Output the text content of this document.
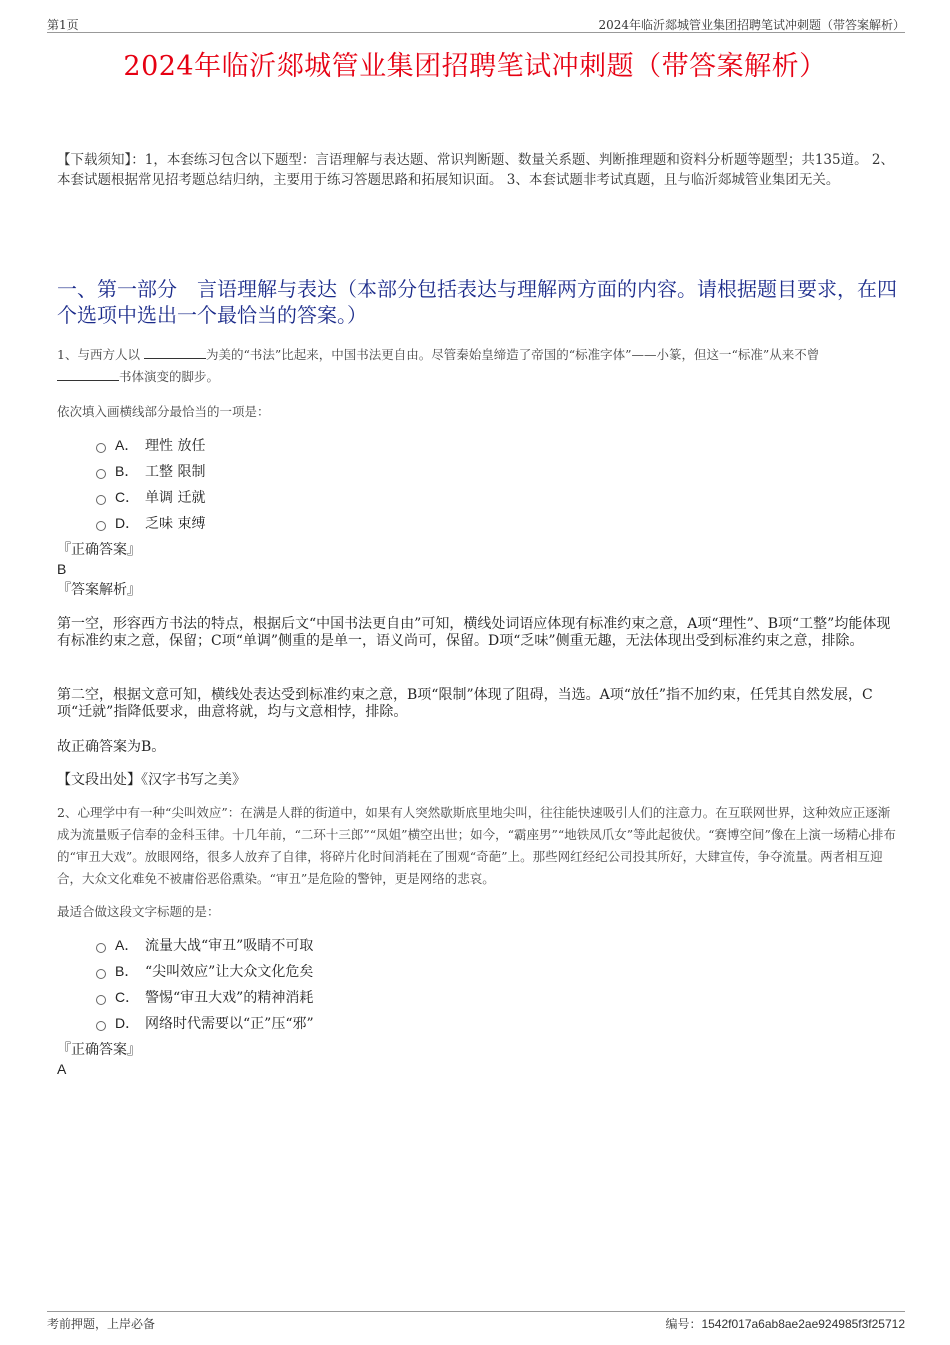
第1页	2024年临沂郯城管业集团招聘笔试冲刺题（带答案解析）
2024年临沂郯城管业集团招聘笔试冲刺题（带答案解析）
【下载须知】：1，本套练习包含以下题型：言语理解与表达题、常识判断题、数量关系题、判断推理题和资料分析题等题型；共135道。 2、本套试题根据常见招考题总结归纳，主要用于练习答题思路和拓展知识面。 3、本套试题非考试真题，且与临沂郯城管业集团无关。
一、第一部分　言语理解与表达（本部分包括表达与理解两方面的内容。请根据题目要求，在四个选项中选出一个最恰当的答案。）
1、与西方人以	为美的“书法”比起来，中国书法更自由。尽管秦始皇缔造了帝国的“标准字体”——小篆，但这一“标准”从来不曾
书体演变的脚步。
依次填入画横线部分最恰当的一项是：
A． 理性 放任
B． 工整 限制
C． 单调 迁就
D． 乏味 束缚
『正确答案』
B
『答案解析』
第一空，形容西方书法的特点，根据后文“中国书法更自由”可知，横线处词语应体现有标准约束之意，A项“理性”、B项“工整”均能体现有标准约束之意，保留；C项“单调”侧重的是单一，语义尚可，保留。D项“乏味”侧重无趣，无法体现出受到标准约束之意，排除。
第二空，根据文意可知，横线处表达受到标准约束之意，B项“限制”体现了阻碍，当选。A项“放任”指不加约束，任凭其自然发展，C项“迁就”指降低要求，曲意将就，均与文意相悖，排除。
故正确答案为B。
【文段出处】《汉字书写之美》
2、心理学中有一种“尖叫效应”：在满是人群的街道中，如果有人突然歇斯底里地尖叫，往往能快速吸引人们的注意力。在互联网世界，这种效应正逐渐成为流量贩子信奉的金科玉律。十几年前，“二环十三郎”“凤姐”横空出世；如今，“霸座男”“地铁凤爪女”等此起彼伏。“赛博空间”像在上演一场精心排布的“审丑大戏”。放眼网络，很多人放弃了自律，将碎片化时间消耗在了围观“奇葩”上。那些网红经纪公司投其所好，大肆宣传，争夺流量。两者相互迎合，大众文化难免不被庸俗恶俗熏染。“审丑”是危险的警钟，更是网络的悲哀。
最适合做这段文字标题的是：
A． 流量大战“审丑”吸睛不可取
B． “尖叫效应”让大众文化危矣
C． 警惕“审丑大戏”的精神消耗
D． 网络时代需要以“正”压“邪”
『正确答案』
A
考前押题，上岸必备	编号：1542f017a6ab8ae2ae924985f3f25712
